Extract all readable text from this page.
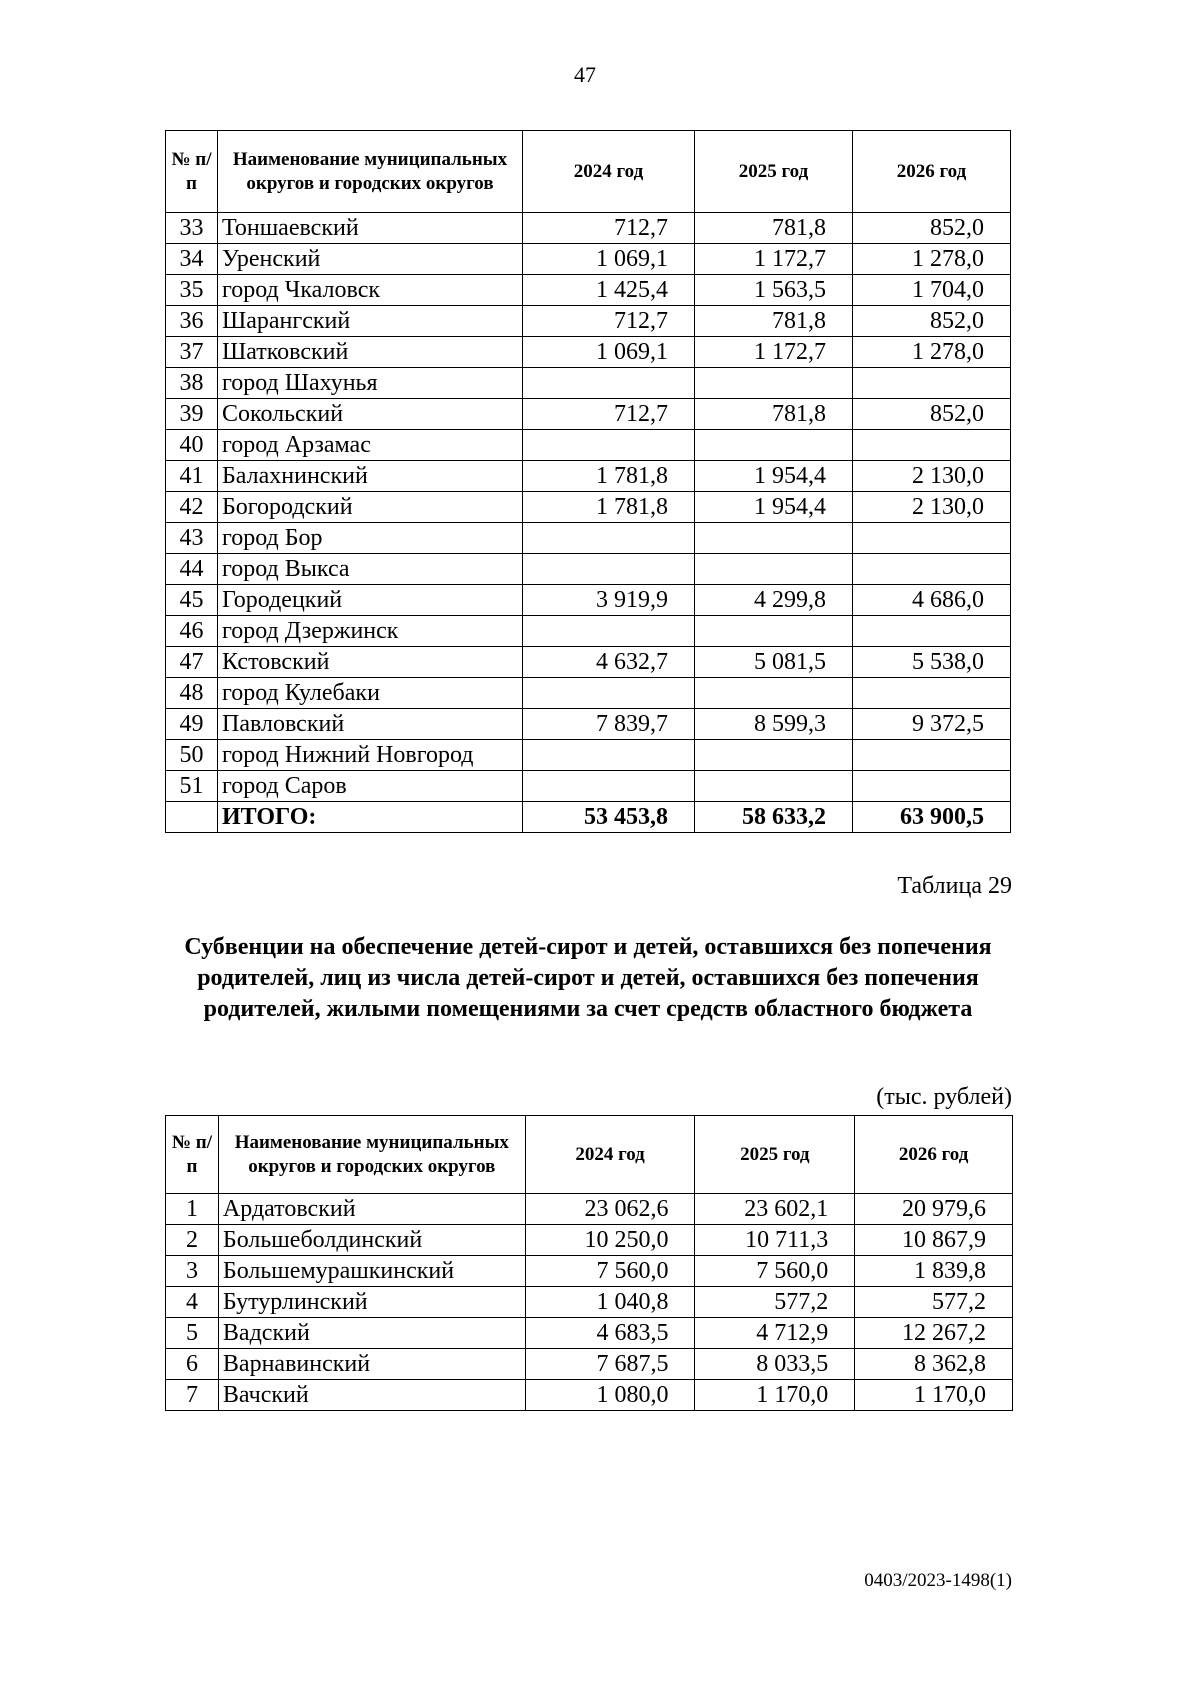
47
№ п/п	Наименование муниципальных округов и городских округов	2024 год	2025 год	2026 год
33	Тоншаевский	712,7	781,8	852,0
34	Уренский	1 069,1	1 172,7	1 278,0
35	город Чкаловск	1 425,4	1 563,5	1 704,0
36	Шарангский	712,7	781,8	852,0
37	Шатковский	1 069,1	1 172,7	1 278,0
38	город Шахунья			
39	Сокольский	712,7	781,8	852,0
40	город Арзамас			
41	Балахнинский	1 781,8	1 954,4	2 130,0
42	Богородский	1 781,8	1 954,4	2 130,0
43	город Бор			
44	город Выкса			
45	Городецкий	3 919,9	4 299,8	4 686,0
46	город Дзержинск			
47	Кстовский	4 632,7	5 081,5	5 538,0
48	город Кулебаки			
49	Павловский	7 839,7	8 599,3	9 372,5
50	город Нижний Новгород			
51	город Саров			
	ИТОГО:	53 453,8	58 633,2	63 900,5
Таблица 29
Субвенции на обеспечение детей-сирот и детей, оставшихся без попечения родителей, лиц из числа детей-сирот и детей, оставшихся без попечения родителей, жилыми помещениями за счет средств областного бюджета
(тыс. рублей)
№ п/п	Наименование муниципальных округов и городских округов	2024 год	2025 год	2026 год
1	Ардатовский	23 062,6	23 602,1	20 979,6
2	Большеболдинский	10 250,0	10 711,3	10 867,9
3	Большемурашкинский	7 560,0	7 560,0	1 839,8
4	Бутурлинский	1 040,8	577,2	577,2
5	Вадский	4 683,5	4 712,9	12 267,2
6	Варнавинский	7 687,5	8 033,5	8 362,8
7	Вачский	1 080,0	1 170,0	1 170,0
0403/2023-1498(1)
